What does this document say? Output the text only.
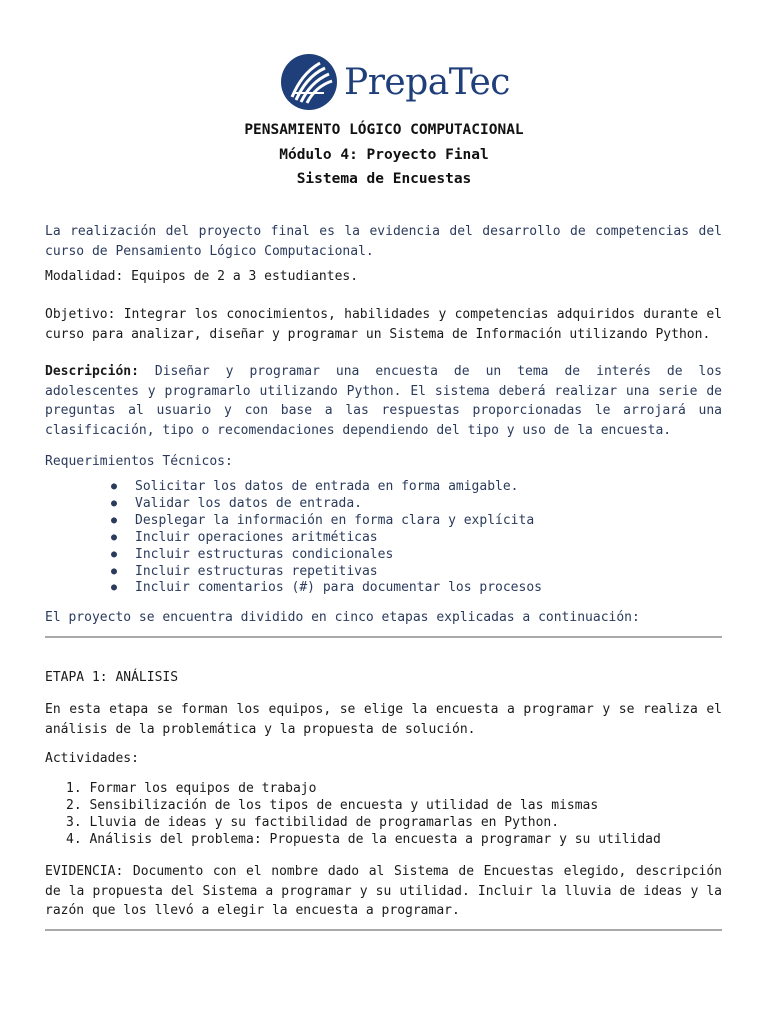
PrepaTec
PENSAMIENTO LÓGICO COMPUTACIONAL
Módulo 4: Proyecto Final
Sistema de Encuestas
La realización del proyecto final es la evidencia del desarrollo de competencias del curso de Pensamiento Lógico Computacional.
Modalidad: Equipos de 2 a 3 estudiantes.
Objetivo: Integrar los conocimientos, habilidades y competencias adquiridos durante el curso para analizar, diseñar y programar un Sistema de Información utilizando Python.
Descripción: Diseñar y programar una encuesta de un tema de interés de los adolescentes y programarlo utilizando Python. El sistema deberá realizar una serie de preguntas al usuario y con base a las respuestas proporcionadas le arrojará una clasificación, tipo o recomendaciones dependiendo del tipo y uso de la encuesta.
Requerimientos Técnicos:
● Solicitar los datos de entrada en forma amigable.
● Validar los datos de entrada.
● Desplegar la información en forma clara y explícita
● Incluir operaciones aritméticas
● Incluir estructuras condicionales
● Incluir estructuras repetitivas
● Incluir comentarios (#) para documentar los procesos
El proyecto se encuentra dividido en cinco etapas explicadas a continuación:
ETAPA 1: ANÁLISIS
En esta etapa se forman los equipos, se elige la encuesta a programar y se realiza el análisis de la problemática y la propuesta de solución.
Actividades:
1. Formar los equipos de trabajo
2. Sensibilización de los tipos de encuesta y utilidad de las mismas
3. Lluvia de ideas y su factibilidad de programarlas en Python.
4. Análisis del problema: Propuesta de la encuesta a programar y su utilidad
EVIDENCIA: Documento con el nombre dado al Sistema de Encuestas elegido, descripción de la propuesta del Sistema a programar y su utilidad. Incluir la lluvia de ideas y la razón que los llevó a elegir la encuesta a programar.
